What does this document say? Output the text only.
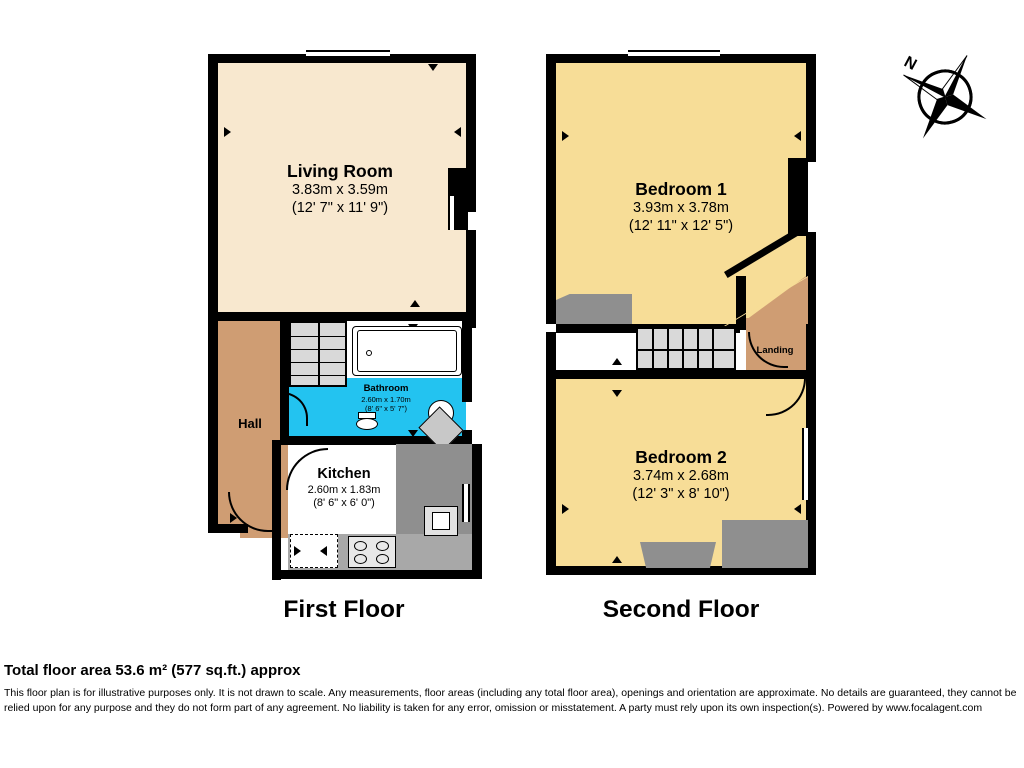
Living Room
3.83m x 3.59m
(12' 7" x 11' 9")
Hall
Bathroom
2.60m x 1.70m
(8' 6" x 5' 7")
Kitchen
2.60m x 1.83m
(8' 6" x 6' 0")
First Floor
Bedroom 1
3.93m x 3.78m
(12' 11" x 12' 5")
Bedroom 2
3.74m x 2.68m
(12' 3" x 8' 10")
Landing
Second Floor
N
Total floor area 53.6 m² (577 sq.ft.) approx
This floor plan is for illustrative purposes only. It is not drawn to scale. Any measurements, floor areas (including any total floor area), openings and orientation are approximate. No details are guaranteed, they cannot be relied upon for any purpose and they do not form part of any agreement. No liability is taken for any error, omission or misstatement. A party must rely upon its own inspection(s). Powered by www.focalagent.com
